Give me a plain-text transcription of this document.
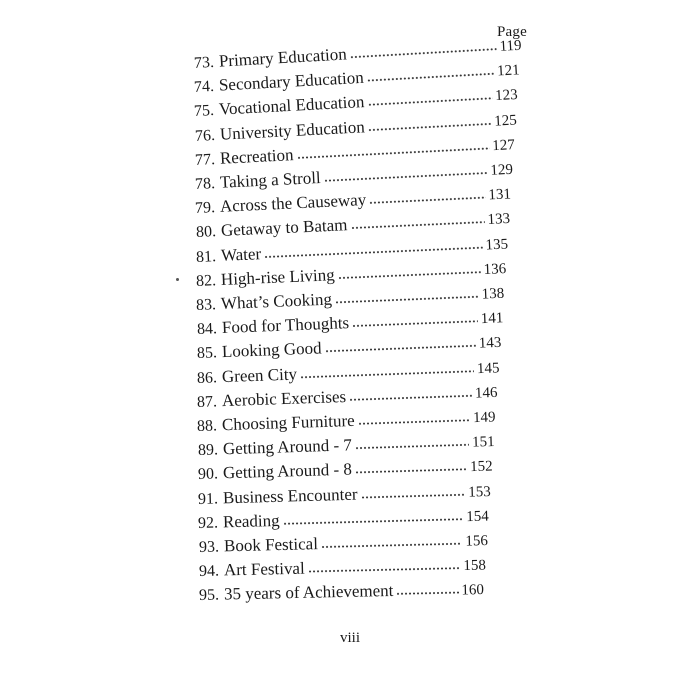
Page
73. Primary Education	119
74. Secondary Education	121
75. Vocational Education	123
76. University Education	125
77. Recreation	127
78. Taking a Stroll	129
79. Across the Causeway	131
80. Getaway to Batam	133
81. Water	135
82. High-rise Living	136
83. What’s Cooking	138
84. Food for Thoughts	141
85. Looking Good	143
86. Green City	145
87. Aerobic Exercises	146
88. Choosing Furniture	149
89. Getting Around - 7	151
90. Getting Around - 8	152
91. Business Encounter	153
92. Reading	154
93. Book Festical	156
94. Art Festival	158
95. 35 years of Achievement	160
viii
